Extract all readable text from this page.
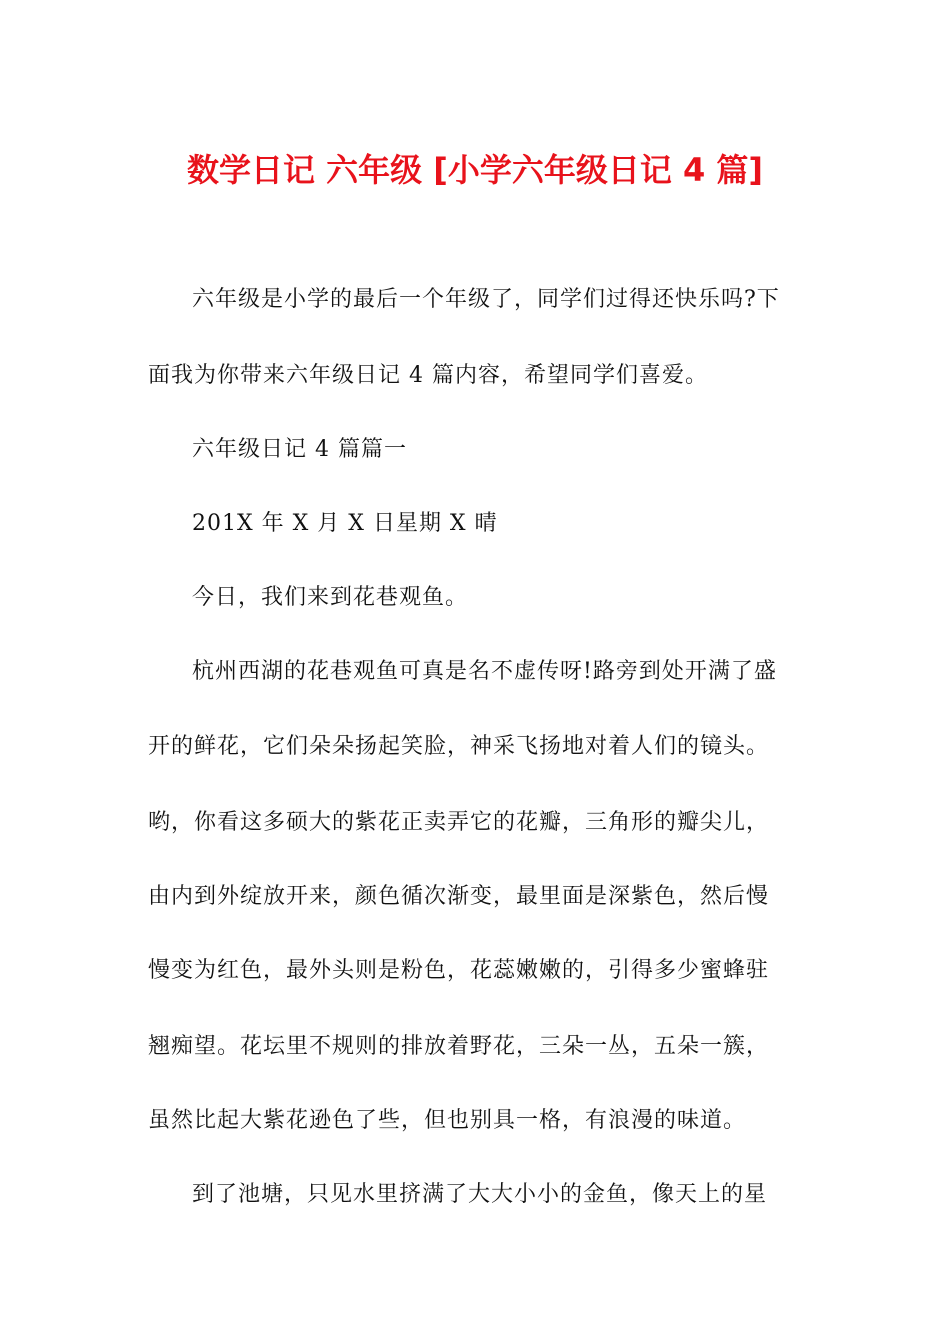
数学日记 六年级 [小学六年级日记 4 篇]
六年级是小学的最后一个年级了，同学们过得还快乐吗?下
面我为你带来六年级日记 4 篇内容，希望同学们喜爱。
六年级日记 4 篇篇一
201X 年 X 月 X 日星期 X 晴
今日，我们来到花巷观鱼。
杭州西湖的花巷观鱼可真是名不虚传呀!路旁到处开满了盛
开的鲜花，它们朵朵扬起笑脸，神采飞扬地对着人们的镜头。
哟，你看这多硕大的紫花正卖弄它的花瓣，三角形的瓣尖儿，
由内到外绽放开来，颜色循次渐变，最里面是深紫色，然后慢
慢变为红色，最外头则是粉色，花蕊嫩嫩的，引得多少蜜蜂驻
翘痴望。花坛里不规则的排放着野花，三朵一丛，五朵一簇，
虽然比起大紫花逊色了些，但也别具一格，有浪漫的味道。
到了池塘，只见水里挤满了大大小小的金鱼，像天上的星
